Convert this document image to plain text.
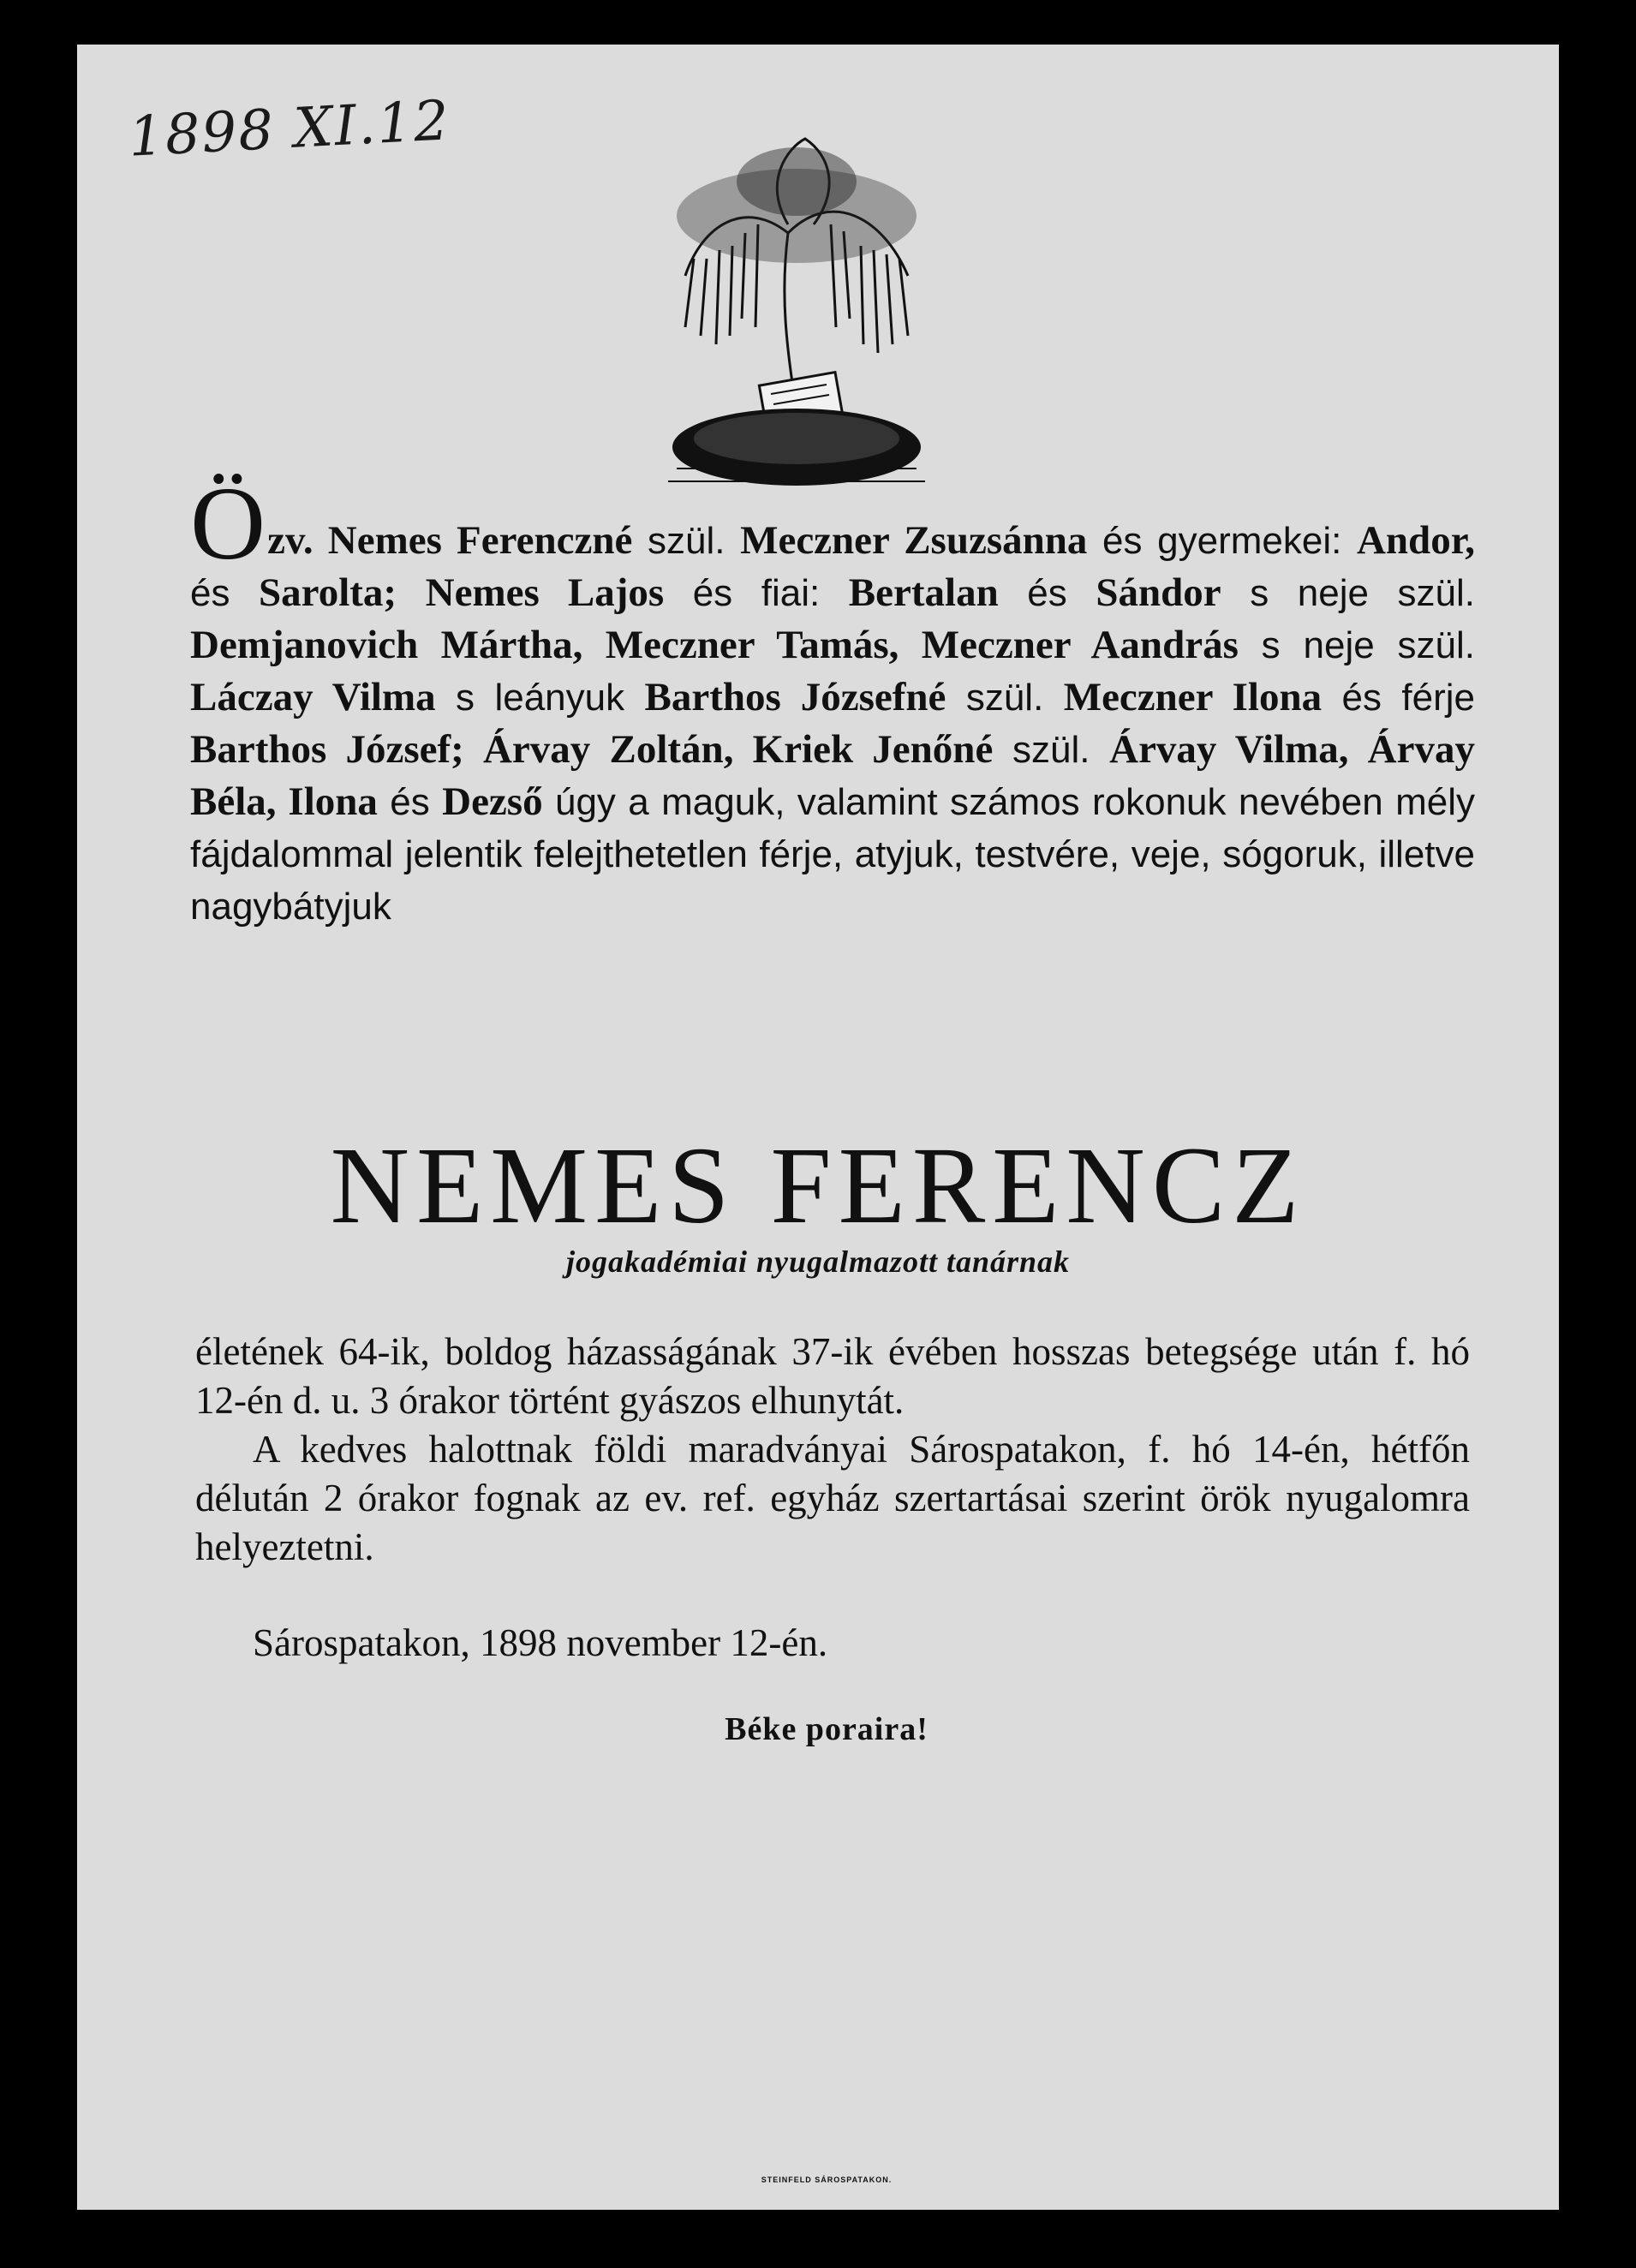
1898 XI.12
Özv. Nemes Ferenczné szül. Meczner Zsuzsánna és gyermekei: Andor, és Sarolta; Nemes Lajos és fiai: Bertalan és Sándor s neje szül. Demjanovich Mártha, Meczner Tamás, Meczner Aandrás s neje szül. Láczay Vilma s leányuk Barthos Józsefné szül. Meczner Ilona és férje Barthos József; Árvay Zoltán, Kriek Jenőné szül. Árvay Vilma, Árvay Béla, Ilona és Dezső úgy a maguk, valamint számos rokonuk nevében mély fájdalommal jelentik felejthetetlen férje, atyjuk, testvére, veje, sógoruk, illetve nagybátyjuk
NEMES FERENCZ
jogakadémiai nyugalmazott tanárnak

életének 64-ik, boldog házasságának 37-ik évében hosszas betegsége után f. hó 12-én d. u. 3 órakor történt gyászos elhunytát.

A kedves halottnak földi maradványai Sárospatakon, f. hó 14-én, hétfőn délután 2 órakor fognak az ev. ref. egyház szertartásai szerint örök nyugalomra helyeztetni.

Sárospatakon, 1898 november 12-én.
Béke poraira!
STEINFELD SÁROSPATAKON.
